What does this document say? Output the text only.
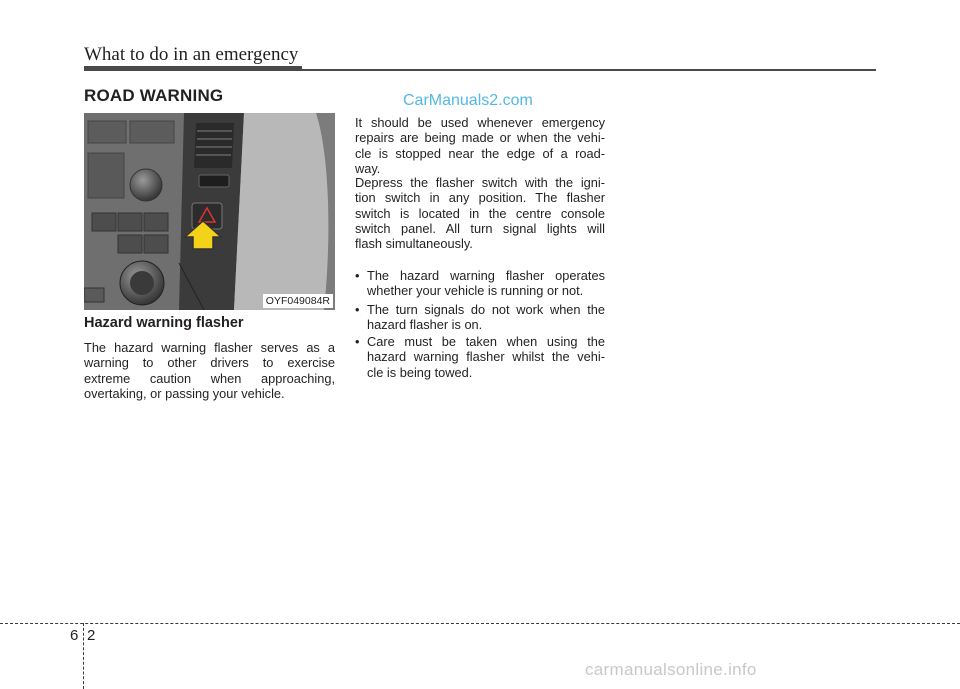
What to do in an emergency
ROAD WARNING	CarManuals2.com
OYF049084R
Hazard warning flasher
The hazard warning flasher serves as a
warning to other drivers to exercise
extreme caution when approaching,
overtaking, or passing your vehicle.
It should be used whenever emergency
repairs are being made or when the vehi-
cle is stopped near the edge of a road-
way.
Depress the flasher switch with the igni-
tion switch in any position. The flasher
switch is located in the centre console
switch panel. All turn signal lights will
flash simultaneously.
• The hazard warning flasher operates
whether your vehicle is running or not.
• The turn signals do not work when the
hazard flasher is on.
• Care must be taken when using the
hazard warning flasher whilst the vehi-
cle is being towed.
6 2
carmanualsonline.info
